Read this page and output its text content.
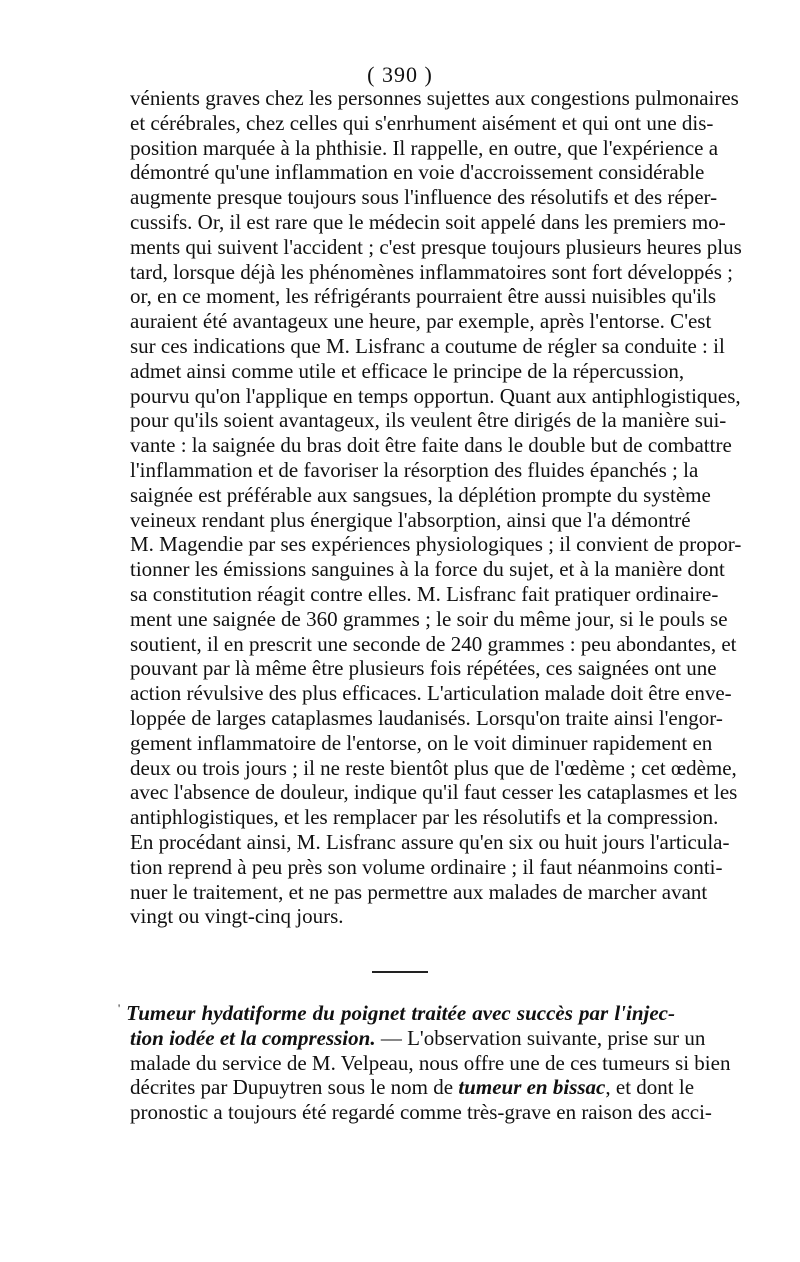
( 390 )
vénients graves chez les personnes sujettes aux congestions pulmonaires
et cérébrales, chez celles qui s'enrhument aisément et qui ont une dis-
position marquée à la phthisie. Il rappelle, en outre, que l'expérience a
démontré qu'une inflammation en voie d'accroissement considérable
augmente presque toujours sous l'influence des résolutifs et des réper-
cussifs. Or, il est rare que le médecin soit appelé dans les premiers mo-
ments qui suivent l'accident ; c'est presque toujours plusieurs heures plus
tard, lorsque déjà les phénomènes inflammatoires sont fort développés ;
or, en ce moment, les réfrigérants pourraient être aussi nuisibles qu'ils
auraient été avantageux une heure, par exemple, après l'entorse. C'est
sur ces indications que M. Lisfranc a coutume de régler sa conduite : il
admet ainsi comme utile et efficace le principe de la répercussion,
pourvu qu'on l'applique en temps opportun. Quant aux antiphlogistiques,
pour qu'ils soient avantageux, ils veulent être dirigés de la manière sui-
vante : la saignée du bras doit être faite dans le double but de combattre
l'inflammation et de favoriser la résorption des fluides épanchés ; la
saignée est préférable aux sangsues, la déplétion prompte du système
veineux rendant plus énergique l'absorption, ainsi que l'a démontré
M. Magendie par ses expériences physiologiques ; il convient de propor-
tionner les émissions sanguines à la force du sujet, et à la manière dont
sa constitution réagit contre elles. M. Lisfranc fait pratiquer ordinaire-
ment une saignée de 360 grammes ; le soir du même jour, si le pouls se
soutient, il en prescrit une seconde de 240 grammes : peu abondantes, et
pouvant par là même être plusieurs fois répétées, ces saignées ont une
action révulsive des plus efficaces. L'articulation malade doit être enve-
loppée de larges cataplasmes laudanisés. Lorsqu'on traite ainsi l'engor-
gement inflammatoire de l'entorse, on le voit diminuer rapidement en
deux ou trois jours ; il ne reste bientôt plus que de l'œdème ; cet œdème,
avec l'absence de douleur, indique qu'il faut cesser les cataplasmes et les
antiphlogistiques, et les remplacer par les résolutifs et la compression.
En procédant ainsi, M. Lisfranc assure qu'en six ou huit jours l'articula-
tion reprend à peu près son volume ordinaire ; il faut néanmoins conti-
nuer le traitement, et ne pas permettre aux malades de marcher avant
vingt ou vingt-cinq jours.
' Tumeur hydatiforme du poignet traitée avec succès par l'injec-
tion iodée et la compression. — L'observation suivante, prise sur un
malade du service de M. Velpeau, nous offre une de ces tumeurs si bien
décrites par Dupuytren sous le nom de tumeur en bissac, et dont le
pronostic a toujours été regardé comme très-grave en raison des acci-
